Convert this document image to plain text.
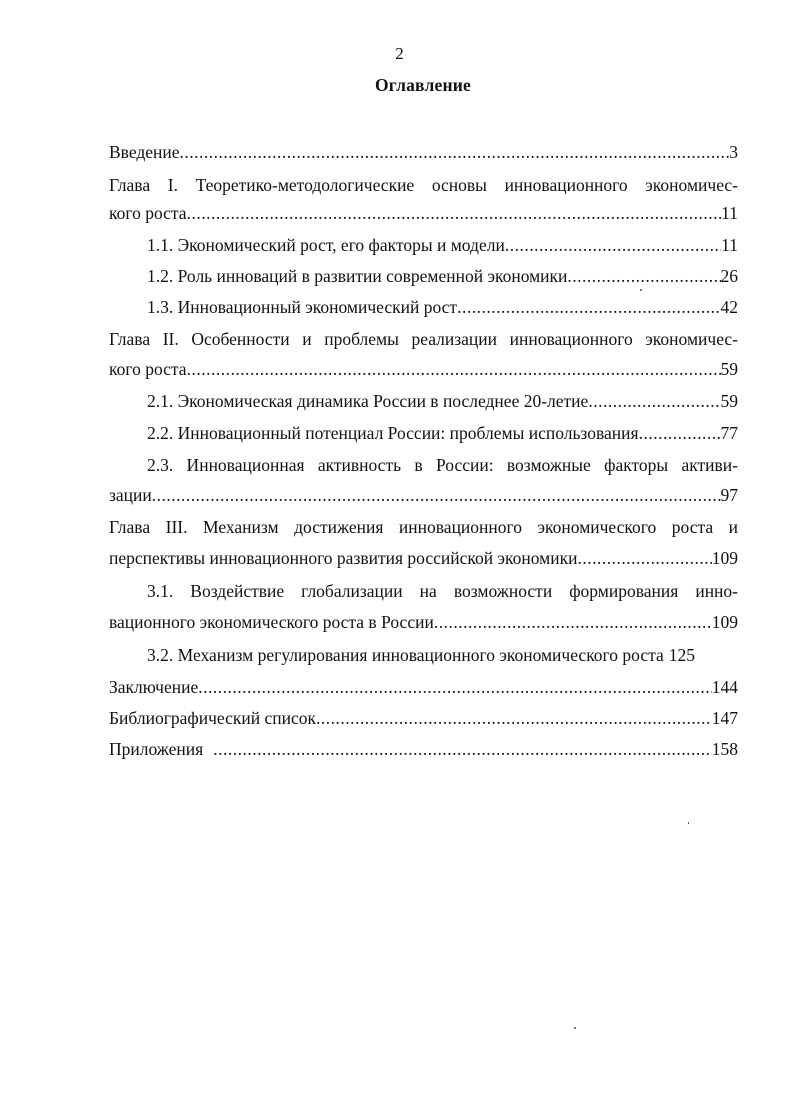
2
Оглавление
Введение .....	3
Глава I. Теоретико-методологические основы инновационного экономичес-
кого роста .....	11
1.1. Экономический рост, его факторы и модели .....	11
1.2. Роль инноваций в развитии современной экономики .....	26
1.3. Инновационный экономический рост .....	42
Глава II. Особенности и проблемы реализации инновационного экономичес-
кого роста .....	59
2.1. Экономическая динамика России в последнее 20-летие .....	59
2.2. Инновационный потенциал России: проблемы использования .....	77
2.3. Инновационная активность в России: возможные факторы активи-
зации .....	97
Глава III. Механизм достижения инновационного экономического роста и
перспективы инновационного развития российской экономики .....	109
3.1. Воздействие глобализации на возможности формирования инно-
вационного экономического роста в России .....	109
3.2. Механизм регулирования инновационного экономического роста 125
Заключение .....	144
Библиографический список .....	147
Приложения .....	158
